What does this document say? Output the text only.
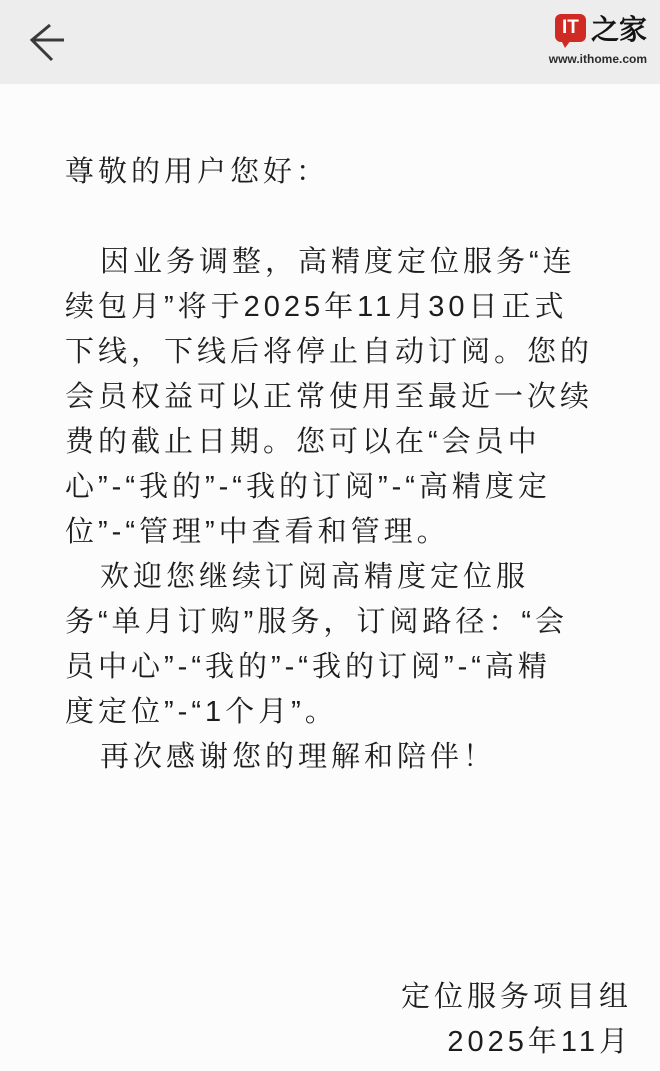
IT 之家
www.ithome.com
尊敬的用户您好：
因业务调整，高精度定位服务“连
续包月”将于2025年11月30日正式
下线，下线后将停止自动订阅。您的
会员权益可以正常使用至最近一次续
费的截止日期。您可以在“会员中
心”-“我的”-“我的订阅”-“高精度定
位”-“管理”中查看和管理。
欢迎您继续订阅高精度定位服
务“单月订购”服务，订阅路径：“会
员中心”-“我的”-“我的订阅”-“高精
度定位”-“1个月”。
再次感谢您的理解和陪伴！
定位服务项目组
2025年11月
